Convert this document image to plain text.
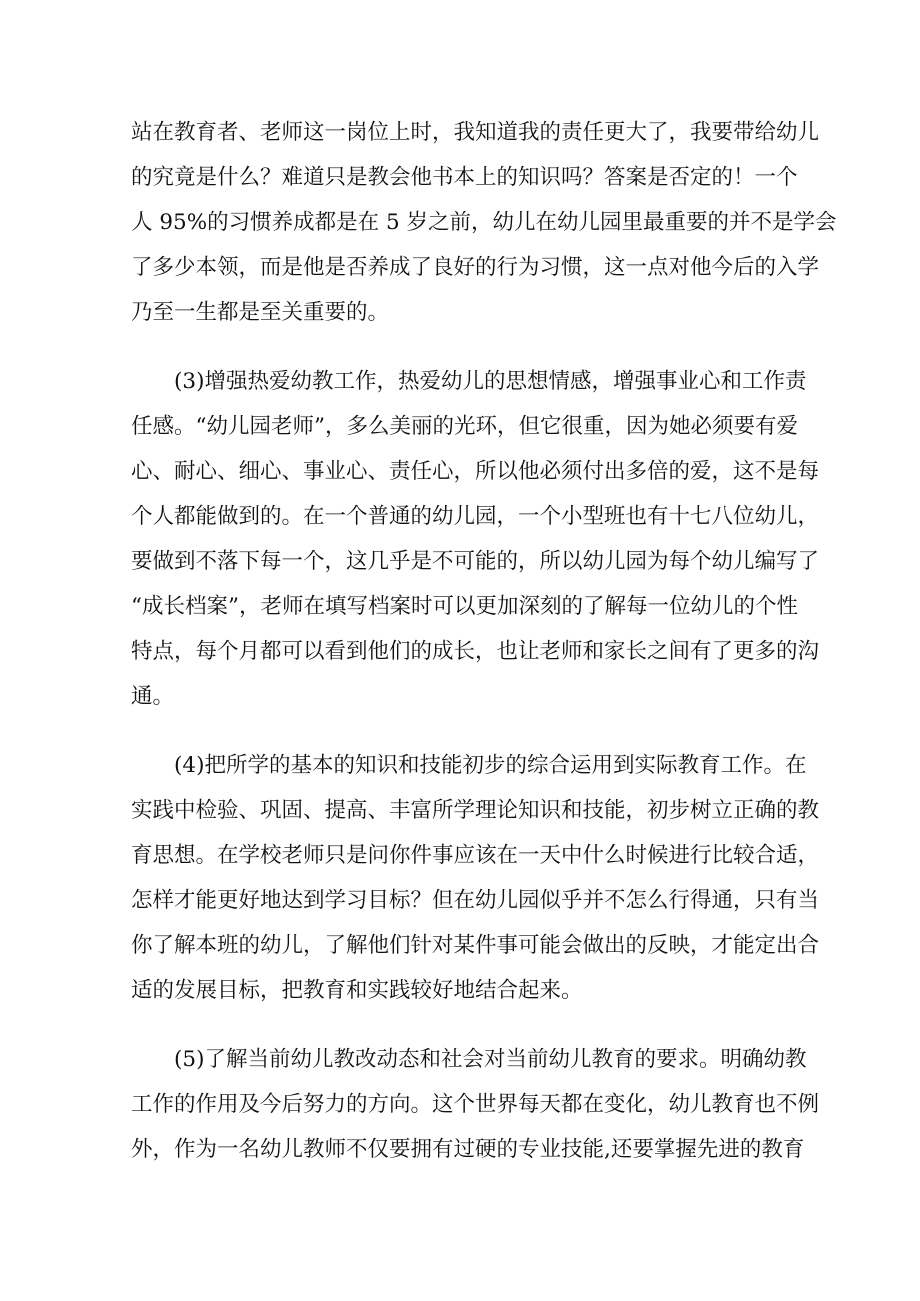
站在教育者、老师这一岗位上时，我知道我的责任更大了，我要带给幼儿
的究竟是什么？难道只是教会他书本上的知识吗？答案是否定的！一个
人 95%的习惯养成都是在 5 岁之前，幼儿在幼儿园里最重要的并不是学会
了多少本领，而是他是否养成了良好的行为习惯，这一点对他今后的入学
乃至一生都是至关重要的。
(3)增强热爱幼教工作，热爱幼儿的思想情感，增强事业心和工作责
任感。“幼儿园老师”，多么美丽的光环，但它很重，因为她必须要有爱
心、耐心、细心、事业心、责任心，所以他必须付出多倍的爱，这不是每
个人都能做到的。在一个普通的幼儿园，一个小型班也有十七八位幼儿，
要做到不落下每一个，这几乎是不可能的，所以幼儿园为每个幼儿编写了
“成长档案”，老师在填写档案时可以更加深刻的了解每一位幼儿的个性
特点，每个月都可以看到他们的成长，也让老师和家长之间有了更多的沟
通。
(4)把所学的基本的知识和技能初步的综合运用到实际教育工作。在
实践中检验、巩固、提高、丰富所学理论知识和技能，初步树立正确的教
育思想。在学校老师只是问你件事应该在一天中什么时候进行比较合适，
怎样才能更好地达到学习目标？但在幼儿园似乎并不怎么行得通，只有当
你了解本班的幼儿，了解他们针对某件事可能会做出的反映，才能定出合
适的发展目标，把教育和实践较好地结合起来。
(5)了解当前幼儿教改动态和社会对当前幼儿教育的要求。明确幼教
工作的作用及今后努力的方向。这个世界每天都在变化，幼儿教育也不例
外，作为一名幼儿教师不仅要拥有过硬的专业技能,还要掌握先进的教育
